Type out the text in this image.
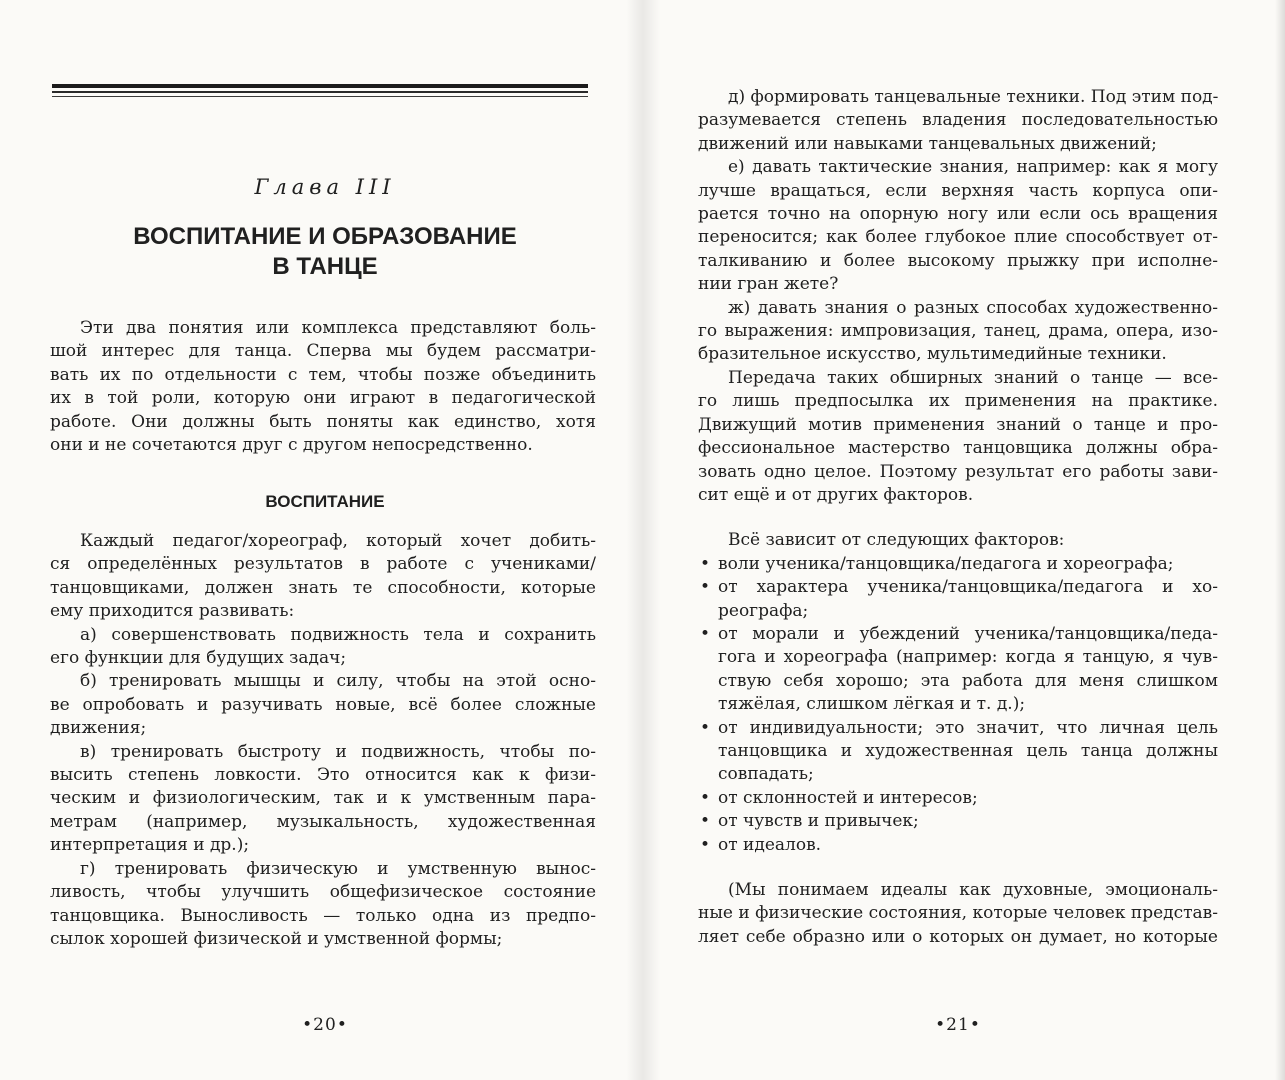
Глава III
ВОСПИТАНИЕ И ОБРАЗОВАНИЕ
В ТАНЦЕ
Эти два понятия или комплекса представляют боль-
шой интерес для танца. Сперва мы будем рассматри-
вать их по отдельности с тем, чтобы позже объединить
их в той роли, которую они играют в педагогической
работе. Они должны быть поняты как единство, хотя
они и не сочетаются друг с другом непосредственно.
ВОСПИТАНИЕ
Каждый педагог/хореограф, который хочет добить-
ся определённых результатов в работе с учениками/
танцовщиками, должен знать те способности, которые
ему приходится развивать:
а) совершенствовать подвижность тела и сохранить
его функции для будущих задач;
б) тренировать мышцы и силу, чтобы на этой осно-
ве опробовать и разучивать новые, всё более сложные
движения;
в) тренировать быстроту и подвижность, чтобы по-
высить степень ловкости. Это относится как к физи-
ческим и физиологическим, так и к умственным пара-
метрам (например, музыкальность, художественная
интерпретация и др.);
г) тренировать физическую и умственную вынос-
ливость, чтобы улучшить общефизическое состояние
танцовщика. Выносливость — только одна из предпо-
сылок хорошей физической и умственной формы;
•20•
д) формировать танцевальные техники. Под этим под-
разумевается степень владения последовательностью
движений или навыками танцевальных движений;
е) давать тактические знания, например: как я могу
лучше вращаться, если верхняя часть корпуса опи-
рается точно на опорную ногу или если ось вращения
переносится; как более глубокое плие способствует от-
талкиванию и более высокому прыжку при исполне-
нии гран жете?
ж) давать знания о разных способах художественно-
го выражения: импровизация, танец, драма, опера, изо-
бразительное искусство, мультимедийные техники.
Передача таких обширных знаний о танце — все-
го лишь предпосылка их применения на практике.
Движущий мотив применения знаний о танце и про-
фессиональное мастерство танцовщика должны обра-
зовать одно целое. Поэтому результат его работы зави-
сит ещё и от других факторов.
Всё зависит от следующих факторов:
• воли ученика/танцовщика/педагога и хореографа;
• от характера ученика/танцовщика/педагога и хо-
реографа;
• от морали и убеждений ученика/танцовщика/педа-
гога и хореографа (например: когда я танцую, я чув-
ствую себя хорошо; эта работа для меня слишком
тяжёлая, слишком лёгкая и т. д.);
• от индивидуальности; это значит, что личная цель
танцовщика и художественная цель танца должны
совпадать;
• от склонностей и интересов;
• от чувств и привычек;
• от идеалов.
(Мы понимаем идеалы как духовные, эмоциональ-
ные и физические состояния, которые человек представ-
ляет себе образно или о которых он думает, но которые
•21•
